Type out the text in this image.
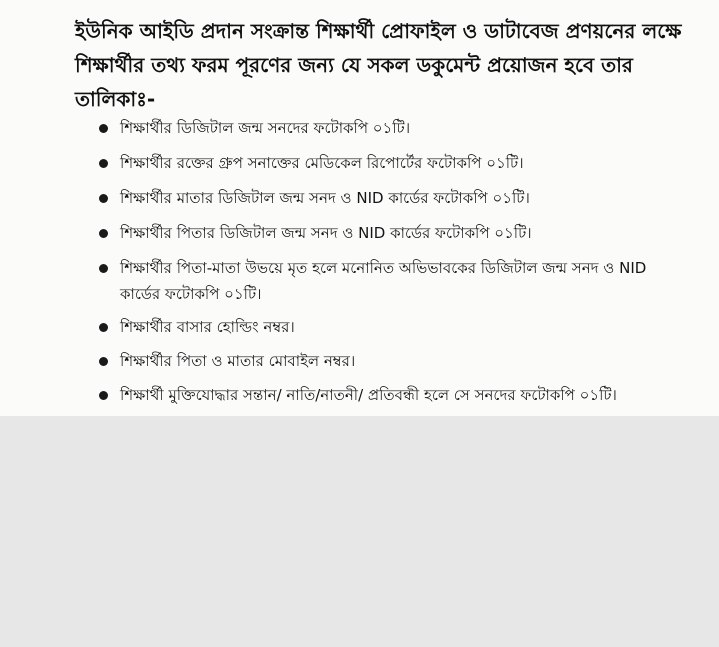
ইউনিক আইডি প্রদান সংক্রান্ত শিক্ষার্থী প্রোফাইল ও ডাটাবেজ প্রণয়নের লক্ষে শিক্ষার্থীর তথ্য ফরম পূরণের জন্য যে সকল ডকুমেন্ট প্রয়োজন হবে তার তালিকাঃ-
শিক্ষার্থীর ডিজিটাল জন্ম সনদের ফটোকপি ০১টি।
শিক্ষার্থীর রক্তের গ্রুপ সনাক্তের মেডিকেল রিপোর্টের ফটোকপি ০১টি।
শিক্ষার্থীর মাতার ডিজিটাল জন্ম সনদ ও NID কার্ডের ফটোকপি ০১টি।
শিক্ষার্থীর পিতার ডিজিটাল জন্ম সনদ ও NID কার্ডের ফটোকপি ০১টি।
শিক্ষার্থীর পিতা-মাতা উভয়ে মৃত হলে মনোনিত অভিভাবকের ডিজিটাল জন্ম সনদ ও NID কার্ডের ফটোকপি ০১টি।
শিক্ষার্থীর বাসার হোল্ডিং নম্বর।
শিক্ষার্থীর পিতা ও মাতার মোবাইল নম্বর।
শিক্ষার্থী মুক্তিযোদ্ধার সন্তান/ নাতি/নাতনী/ প্রতিবন্ধী হলে সে সনদের ফটোকপি ০১টি।
